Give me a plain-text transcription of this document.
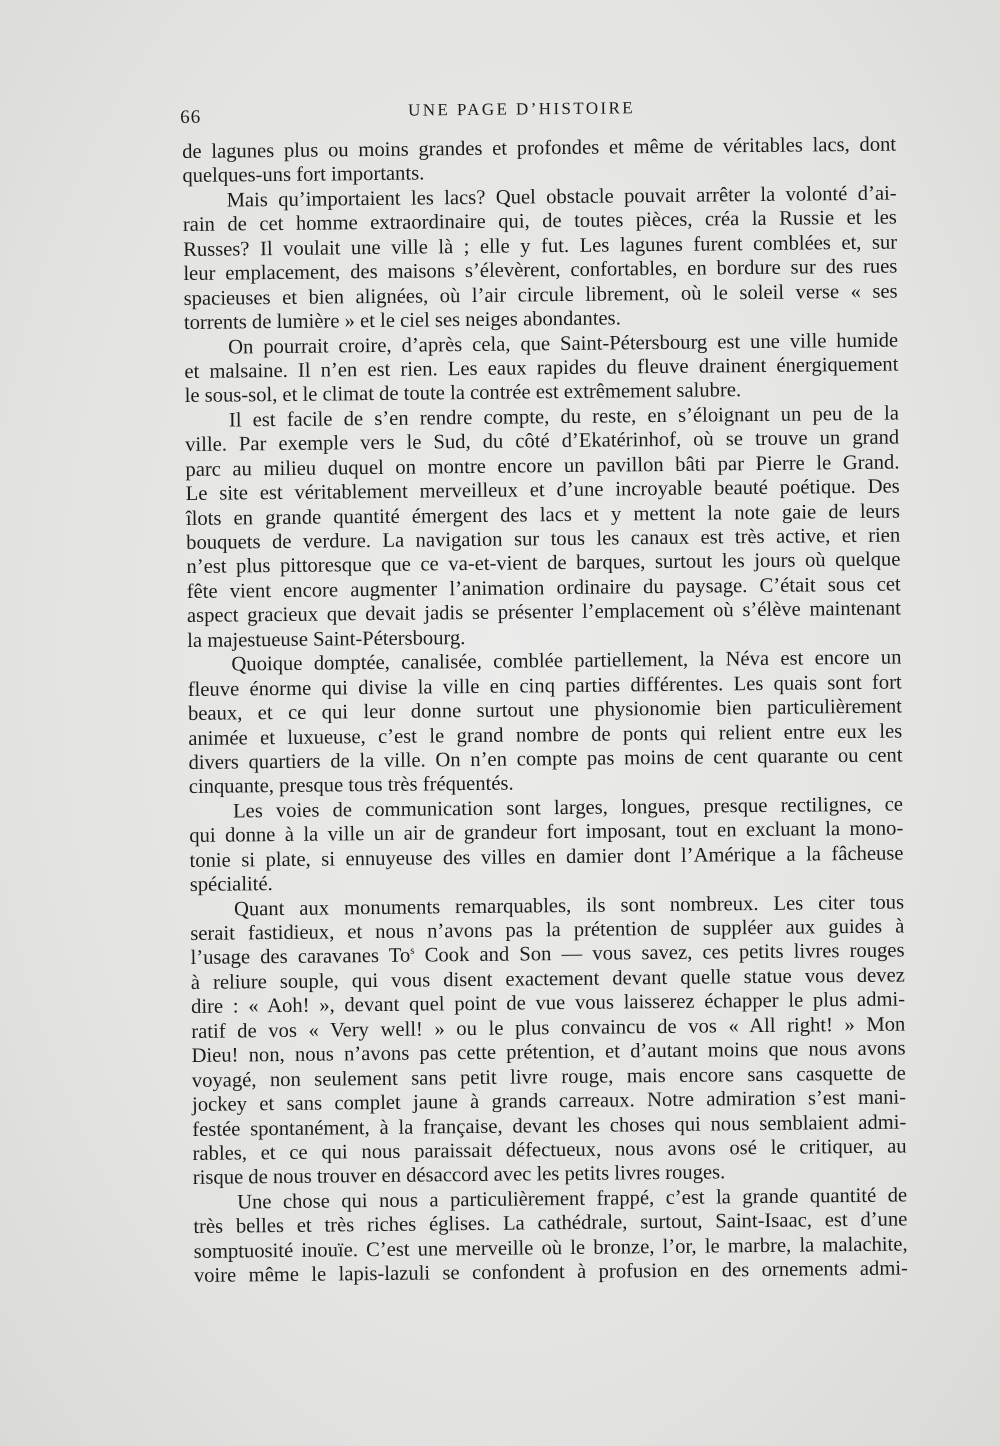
66	UNE PAGE D’HISTOIRE
de lagunes plus ou moins grandes et profondes et même de véritables lacs, dont
quelques-uns fort importants.
Mais qu’importaient les lacs? Quel obstacle pouvait arrêter la volonté d’ai-
rain de cet homme extraordinaire qui, de toutes pièces, créa la Russie et les
Russes? Il voulait une ville là ; elle y fut. Les lagunes furent comblées et, sur
leur emplacement, des maisons s’élevèrent, confortables, en bordure sur des rues
spacieuses et bien alignées, où l’air circule librement, où le soleil verse « ses
torrents de lumière » et le ciel ses neiges abondantes.
On pourrait croire, d’après cela, que Saint-Pétersbourg est une ville humide
et malsaine. Il n’en est rien. Les eaux rapides du fleuve drainent énergiquement
le sous-sol, et le climat de toute la contrée est extrêmement salubre.
Il est facile de s’en rendre compte, du reste, en s’éloignant un peu de la
ville. Par exemple vers le Sud, du côté d’Ekatérinhof, où se trouve un grand
parc au milieu duquel on montre encore un pavillon bâti par Pierre le Grand.
Le site est véritablement merveilleux et d’une incroyable beauté poétique. Des
îlots en grande quantité émergent des lacs et y mettent la note gaie de leurs
bouquets de verdure. La navigation sur tous les canaux est très active, et rien
n’est plus pittoresque que ce va-et-vient de barques, surtout les jours où quelque
fête vient encore augmenter l’animation ordinaire du paysage. C’était sous cet
aspect gracieux que devait jadis se présenter l’emplacement où s’élève maintenant
la majestueuse Saint-Pétersbourg.
Quoique domptée, canalisée, comblée partiellement, la Néva est encore un
fleuve énorme qui divise la ville en cinq parties différentes. Les quais sont fort
beaux, et ce qui leur donne surtout une physionomie bien particulièrement
animée et luxueuse, c’est le grand nombre de ponts qui relient entre eux les
divers quartiers de la ville. On n’en compte pas moins de cent quarante ou cent
cinquante, presque tous très fréquentés.
Les voies de communication sont larges, longues, presque rectilignes, ce
qui donne à la ville un air de grandeur fort imposant, tout en excluant la mono-
tonie si plate, si ennuyeuse des villes en damier dont l’Amérique a la fâcheuse
spécialité.
Quant aux monuments remarquables, ils sont nombreux. Les citer tous
serait fastidieux, et nous n’avons pas la prétention de suppléer aux guides à
l’usage des caravanes To$^s$ Cook and Son — vous savez, ces petits livres rouges
à reliure souple, qui vous disent exactement devant quelle statue vous devez
dire : « Aoh! », devant quel point de vue vous laisserez échapper le plus admi-
ratif de vos « Very well! » ou le plus convaincu de vos « All right! » Mon
Dieu! non, nous n’avons pas cette prétention, et d’autant moins que nous avons
voyagé, non seulement sans petit livre rouge, mais encore sans casquette de
jockey et sans complet jaune à grands carreaux. Notre admiration s’est mani-
festée spontanément, à la française, devant les choses qui nous semblaient admi-
rables, et ce qui nous paraissait défectueux, nous avons osé le critiquer, au
risque de nous trouver en désaccord avec les petits livres rouges.
Une chose qui nous a particulièrement frappé, c’est la grande quantité de
très belles et très riches églises. La cathédrale, surtout, Saint-Isaac, est d’une
somptuosité inouïe. C’est une merveille où le bronze, l’or, le marbre, la malachite,
voire même le lapis-lazuli se confondent à profusion en des ornements admi-
